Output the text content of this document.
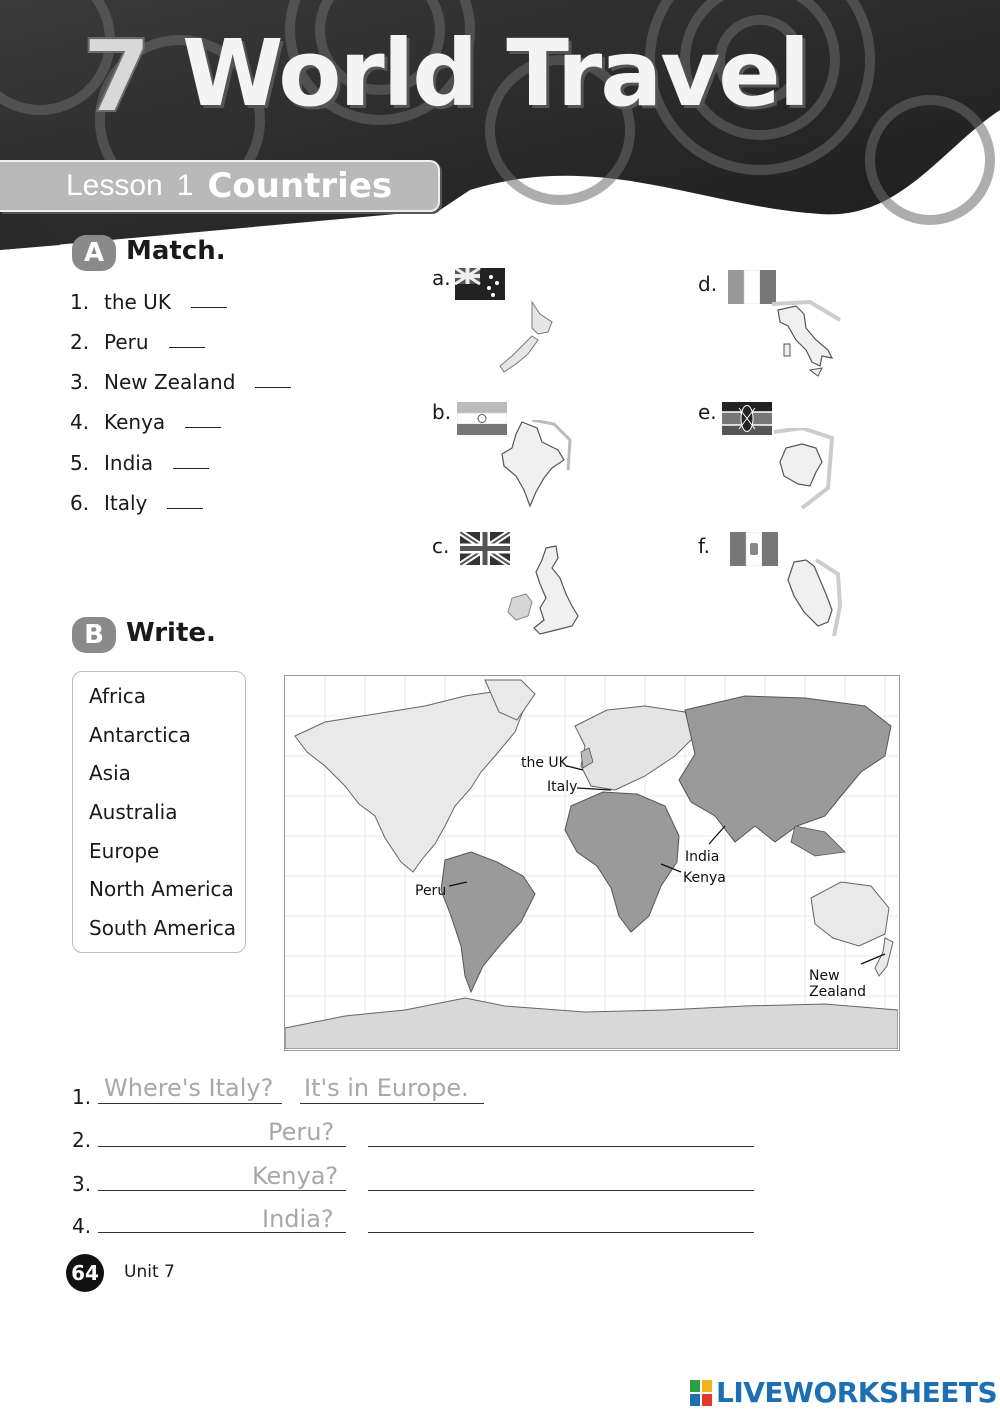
7 World Travel
Lesson 1 Countries
A Match.
1. the UK
2. Peru
3. New Zealand
4. Kenya
5. India
6. Italy
a.
b.
c.
d.
e.
f.
B Write.
Africa
Antarctica
Asia
Australia
Europe
North America
South America
the UK
Italy
India
Kenya
Peru
New Zealand
1. Where's Italy? It's in Europe.
2.	Peru?
3.	Kenya?
4.	India?
64 Unit 7
LIVEWORKSHEETS
